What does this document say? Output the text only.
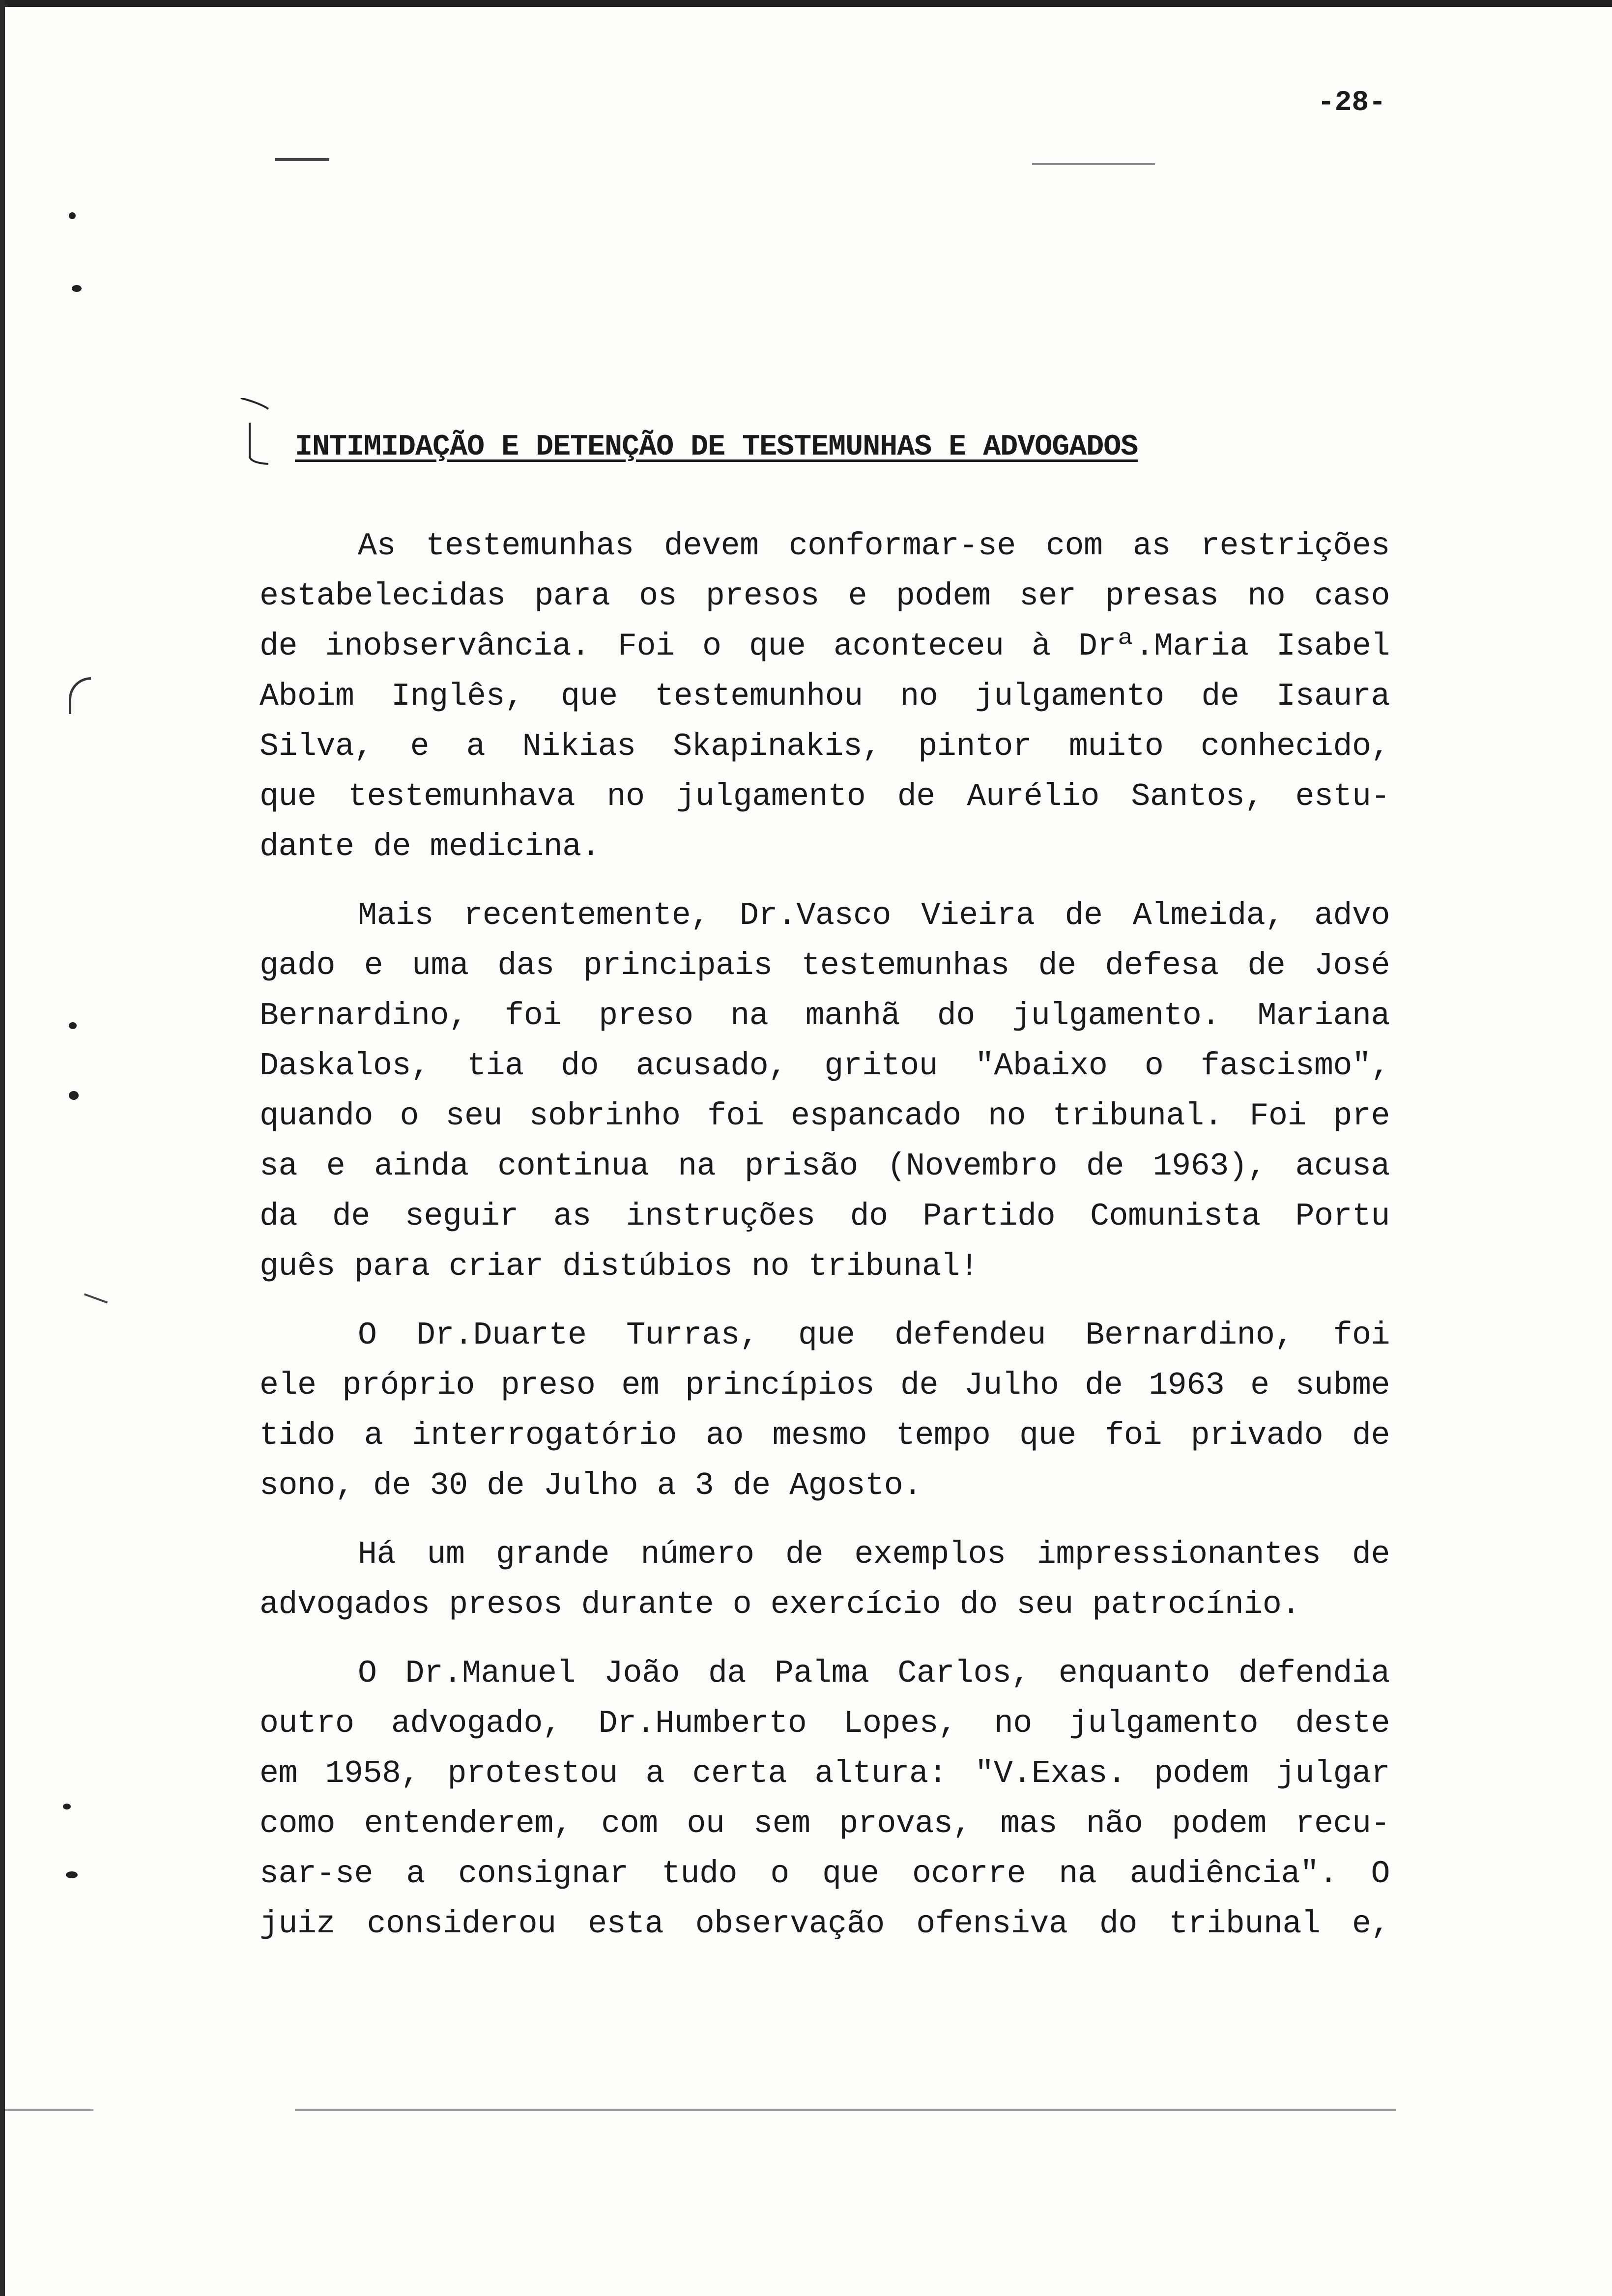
-28-
INTIMIDAÇÃO E DETENÇÃO DE TESTEMUNHAS E ADVOGADOS
As testemunhas devem conformar-se com as restrições
estabelecidas para os presos e podem ser presas no caso
de inobservância. Foi o que aconteceu à Drª.Maria Isabel
Aboim Inglês, que testemunhou no julgamento de Isaura
Silva, e a Nikias Skapinakis, pintor muito conhecido,
que testemunhava no julgamento de Aurélio Santos, estu-
dante de medicina.
Mais recentemente, Dr.Vasco Vieira de Almeida, advo
gado e uma das principais testemunhas de defesa de José
Bernardino, foi preso na manhã do julgamento. Mariana
Daskalos, tia do acusado, gritou "Abaixo o fascismo",
quando o seu sobrinho foi espancado no tribunal. Foi pre
sa e ainda continua na prisão (Novembro de 1963), acusa
da de seguir as instruções do Partido Comunista Portu
guês para criar distúbios no tribunal!
O Dr.Duarte Turras, que defendeu Bernardino, foi
ele próprio preso em princípios de Julho de 1963 e subme
tido a interrogatório ao mesmo tempo que foi privado de
sono, de 30 de Julho a 3 de Agosto.
Há um grande número de exemplos impressionantes de
advogados presos durante o exercício do seu patrocínio.
O Dr.Manuel João da Palma Carlos, enquanto defendia
outro advogado, Dr.Humberto Lopes, no julgamento deste
em 1958, protestou a certa altura: "V.Exas. podem julgar
como entenderem, com ou sem provas, mas não podem recu-
sar-se a consignar tudo o que ocorre na audiência". O
juiz considerou esta observação ofensiva do tribunal e,
